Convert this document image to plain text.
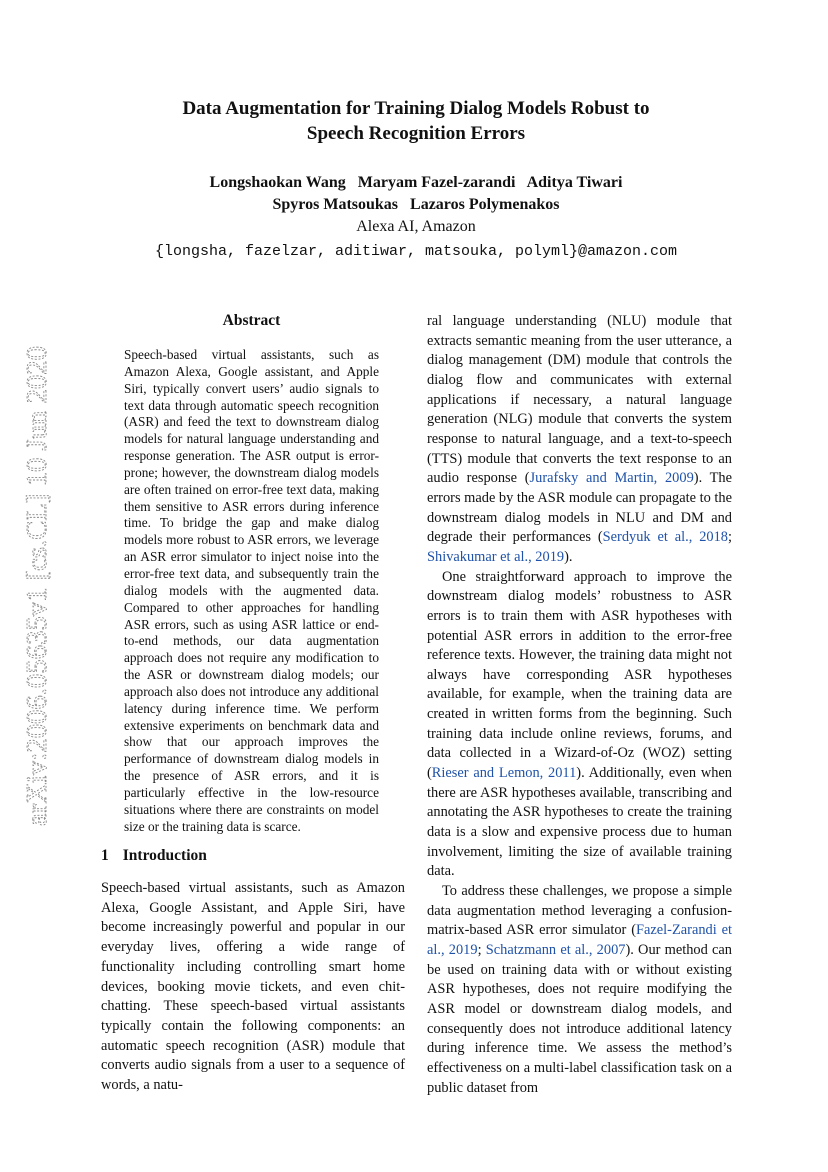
arXiv:2006.05635v1 [cs.CL] 10 Jun 2020
Data Augmentation for Training Dialog Models Robust to
Speech Recognition Errors
Longshaokan Wang   Maryam Fazel-zarandi   Aditya Tiwari
Spyros Matsoukas   Lazaros Polymenakos
Alexa AI, Amazon
{longsha, fazelzar, aditiwar, matsouka, polyml}@amazon.com
Abstract

Speech-based virtual assistants, such as Amazon Alexa, Google assistant, and Apple Siri, typically convert users’ audio signals to text data through automatic speech recognition (ASR) and feed the text to downstream dialog models for natural language understanding and response generation. The ASR output is error-prone; however, the downstream dialog models are often trained on error-free text data, making them sensitive to ASR errors during inference time. To bridge the gap and make dialog models more robust to ASR errors, we leverage an ASR error simulator to inject noise into the error-free text data, and subsequently train the dialog models with the augmented data. Compared to other approaches for handling ASR errors, such as using ASR lattice or end-to-end methods, our data augmentation approach does not require any modification to the ASR or downstream dialog models; our approach also does not introduce any additional latency during inference time. We perform extensive experiments on benchmark data and show that our approach improves the performance of downstream dialog models in the presence of ASR errors, and it is particularly effective in the low-resource situations where there are constraints on model size or the training data is scarce.

1 Introduction

Speech-based virtual assistants, such as Amazon Alexa, Google Assistant, and Apple Siri, have become increasingly powerful and popular in our everyday lives, offering a wide range of functionality including controlling smart home devices, booking movie tickets, and even chit-chatting. These speech-based virtual assistants typically contain the following components: an automatic speech recognition (ASR) module that converts audio signals from a user to a sequence of words, a natu-

ral language understanding (NLU) module that extracts semantic meaning from the user utterance, a dialog management (DM) module that controls the dialog flow and communicates with external applications if necessary, a natural language generation (NLG) module that converts the system response to natural language, and a text-to-speech (TTS) module that converts the text response to an audio response (Jurafsky and Martin, 2009). The errors made by the ASR module can propagate to the downstream dialog models in NLU and DM and degrade their performances (Serdyuk et al., 2018; Shivakumar et al., 2019).

One straightforward approach to improve the downstream dialog models’ robustness to ASR errors is to train them with ASR hypotheses with potential ASR errors in addition to the error-free reference texts. However, the training data might not always have corresponding ASR hypotheses available, for example, when the training data are created in written forms from the beginning. Such training data include online reviews, forums, and data collected in a Wizard-of-Oz (WOZ) setting (Rieser and Lemon, 2011). Additionally, even when there are ASR hypotheses available, transcribing and annotating the ASR hypotheses to create the training data is a slow and expensive process due to human involvement, limiting the size of available training data.

To address these challenges, we propose a simple data augmentation method leveraging a confusion-matrix-based ASR error simulator (Fazel-Zarandi et al., 2019; Schatzmann et al., 2007). Our method can be used on training data with or without existing ASR hypotheses, does not require modifying the ASR model or downstream dialog models, and consequently does not introduce additional latency during inference time. We assess the method’s effectiveness on a multi-label classification task on a public dataset from
